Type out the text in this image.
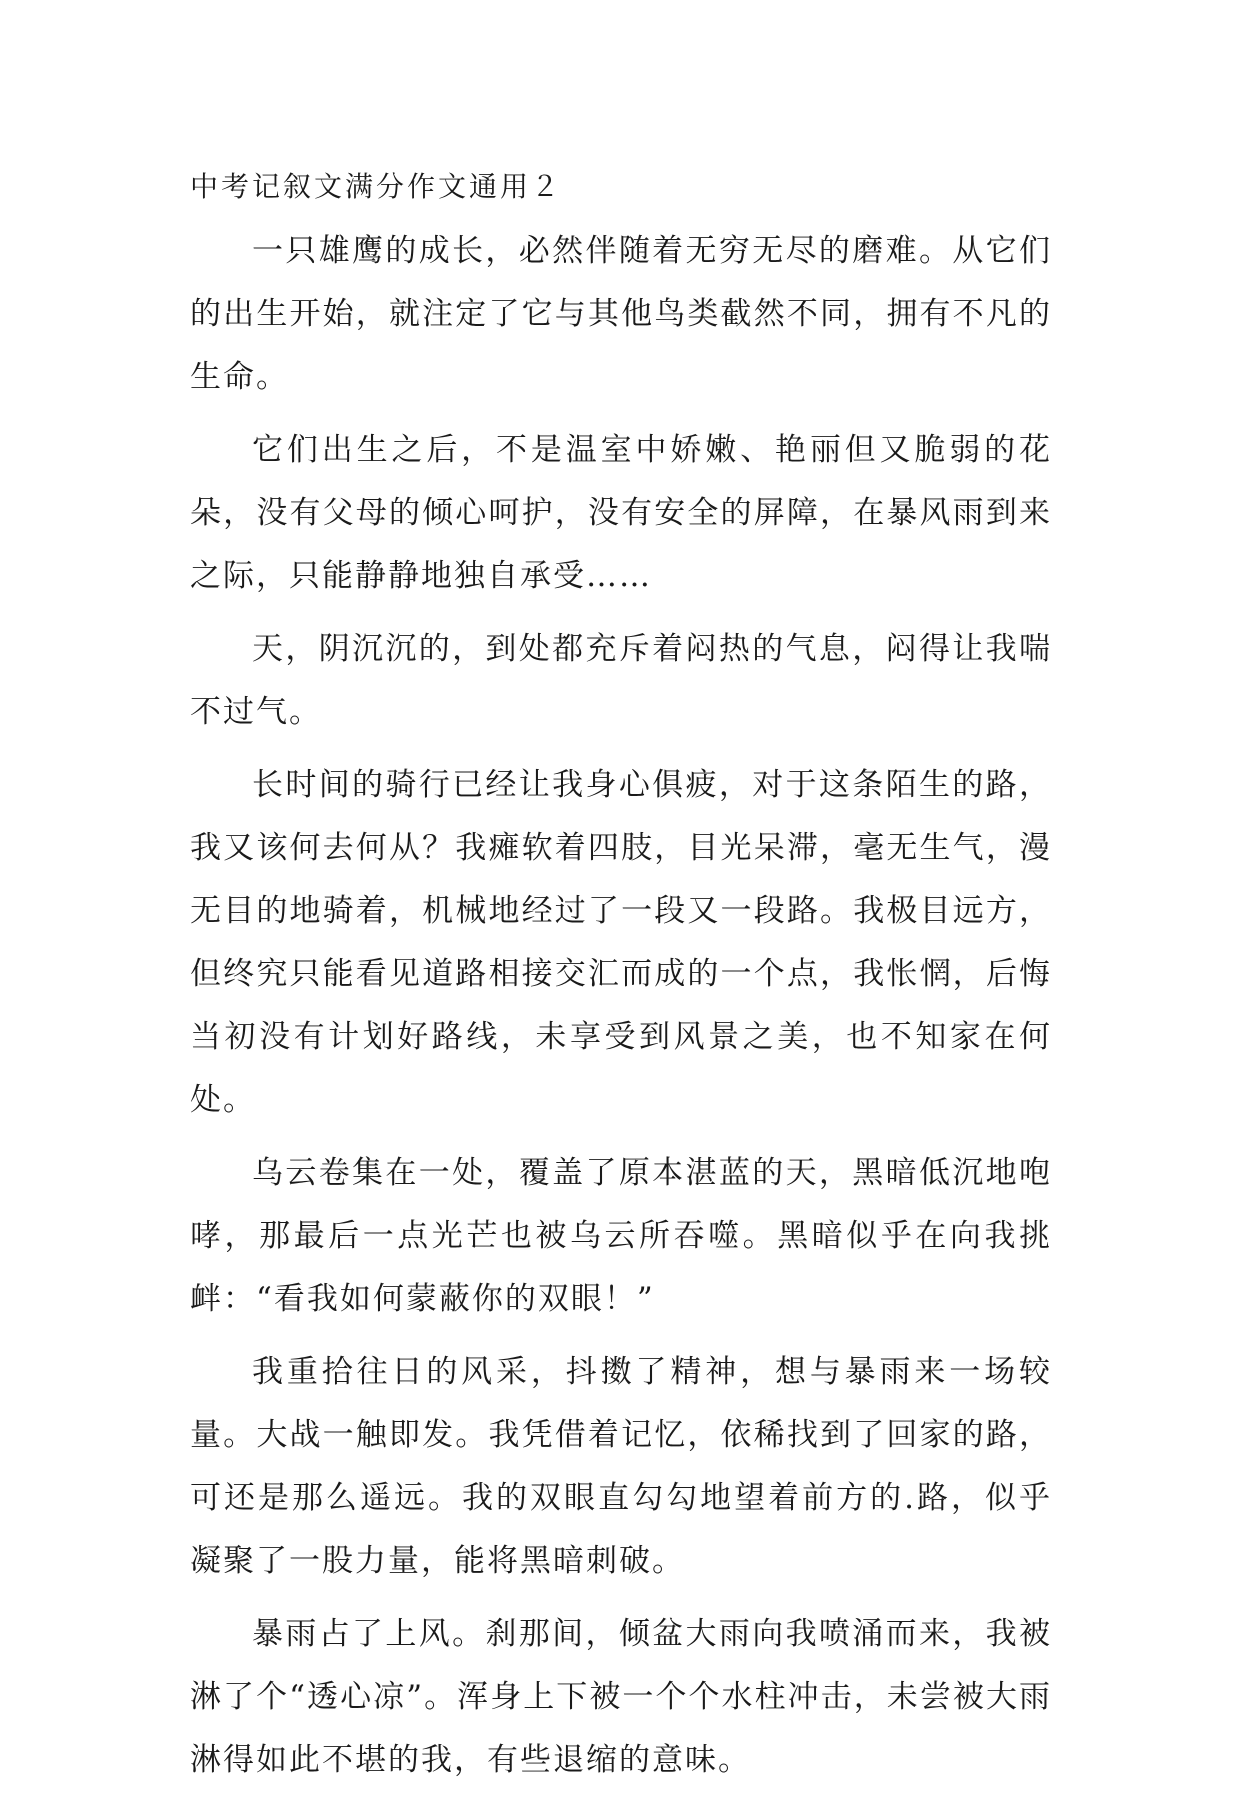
中考记叙文满分作文通用２

一只雄鹰的成长，必然伴随着无穷无尽的磨难。从它们的出生开始，就注定了它与其他鸟类截然不同，拥有不凡的生命。

它们出生之后，不是温室中娇嫩、艳丽但又脆弱的花朵，没有父母的倾心呵护，没有安全的屏障，在暴风雨到来之际，只能静静地独自承受……

天，阴沉沉的，到处都充斥着闷热的气息，闷得让我喘不过气。

长时间的骑行已经让我身心俱疲，对于这条陌生的路，我又该何去何从？我瘫软着四肢，目光呆滞，毫无生气，漫无目的地骑着，机械地经过了一段又一段路。我极目远方，但终究只能看见道路相接交汇而成的一个点，我怅惘，后悔当初没有计划好路线，未享受到风景之美，也不知家在何处。

乌云卷集在一处，覆盖了原本湛蓝的天，黑暗低沉地咆哮，那最后一点光芒也被乌云所吞噬。黑暗似乎在向我挑衅：“看我如何蒙蔽你的双眼！”

我重拾往日的风采，抖擞了精神，想与暴雨来一场较量。大战一触即发。我凭借着记忆，依稀找到了回家的路，可还是那么遥远。我的双眼直勾勾地望着前方的.路，似乎凝聚了一股力量，能将黑暗刺破。

暴雨占了上风。刹那间，倾盆大雨向我喷涌而来，我被淋了个“透心凉”。浑身上下被一个个水柱冲击，未尝被大雨淋得如此不堪的我，有些退缩的意味。
